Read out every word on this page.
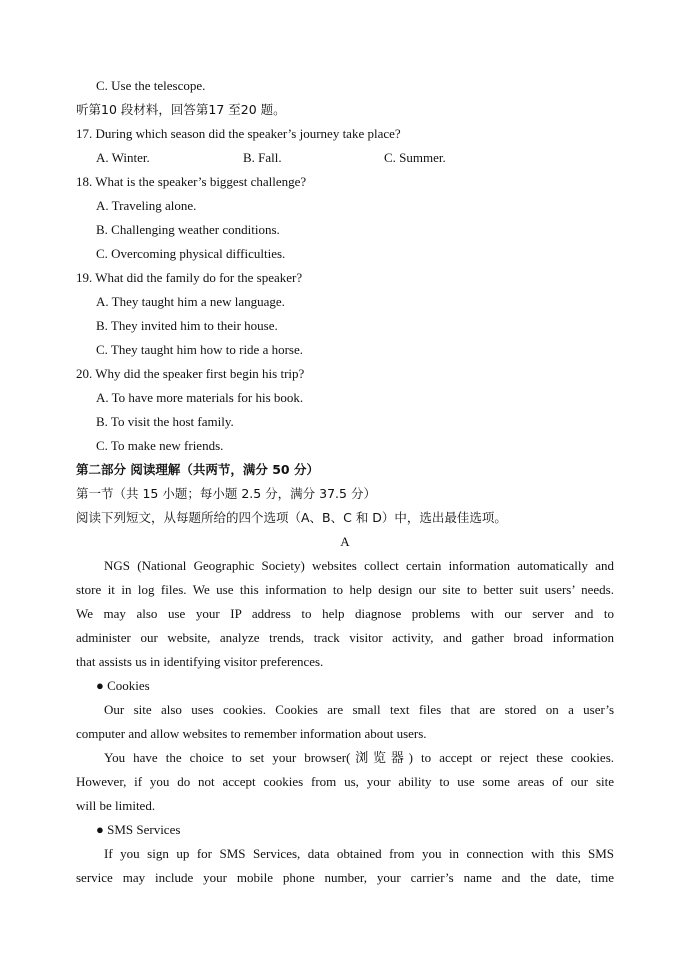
C. Use the telescope.
听第10 段材料，回答第17 至20 题。
17. During which season did the speaker’s journey take place?
A. Winter.	B. Fall.	C. Summer.
18. What is the speaker’s biggest challenge?
A. Traveling alone.
B. Challenging weather conditions.
C. Overcoming physical difficulties.
19. What did the family do for the speaker?
A. They taught him a new language.
B. They invited him to their house.
C. They taught him how to ride a horse.
20. Why did the speaker first begin his trip?
A. To have more materials for his book.
B. To visit the host family.
C. To make new friends.
第二部分 阅读理解（共两节，满分 50 分）
第一节（共 15 小题；每小题 2.5 分，满分 37.5 分）
阅读下列短文，从每题所给的四个选项（A、B、C 和 D）中，选出最佳选项。
A
NGS (National Geographic Society) websites collect certain information automatically and
store it in log files. We use this information to help design our site to better suit users’ needs.
We may also use your IP address to help diagnose problems with our server and to
administer our website, analyze trends, track visitor activity, and gather broad information
that assists us in identifying visitor preferences.
● Cookies
Our site also uses cookies. Cookies are small text files that are stored on a user’s
computer and allow websites to remember information about users.
You have the choice to set your browser(浏览器) to accept or reject these cookies.
However, if you do not accept cookies from us, your ability to use some areas of our site
will be limited.
● SMS Services
If you sign up for SMS Services, data obtained from you in connection with this SMS
service may include your mobile phone number, your carrier’s name and the date, time
